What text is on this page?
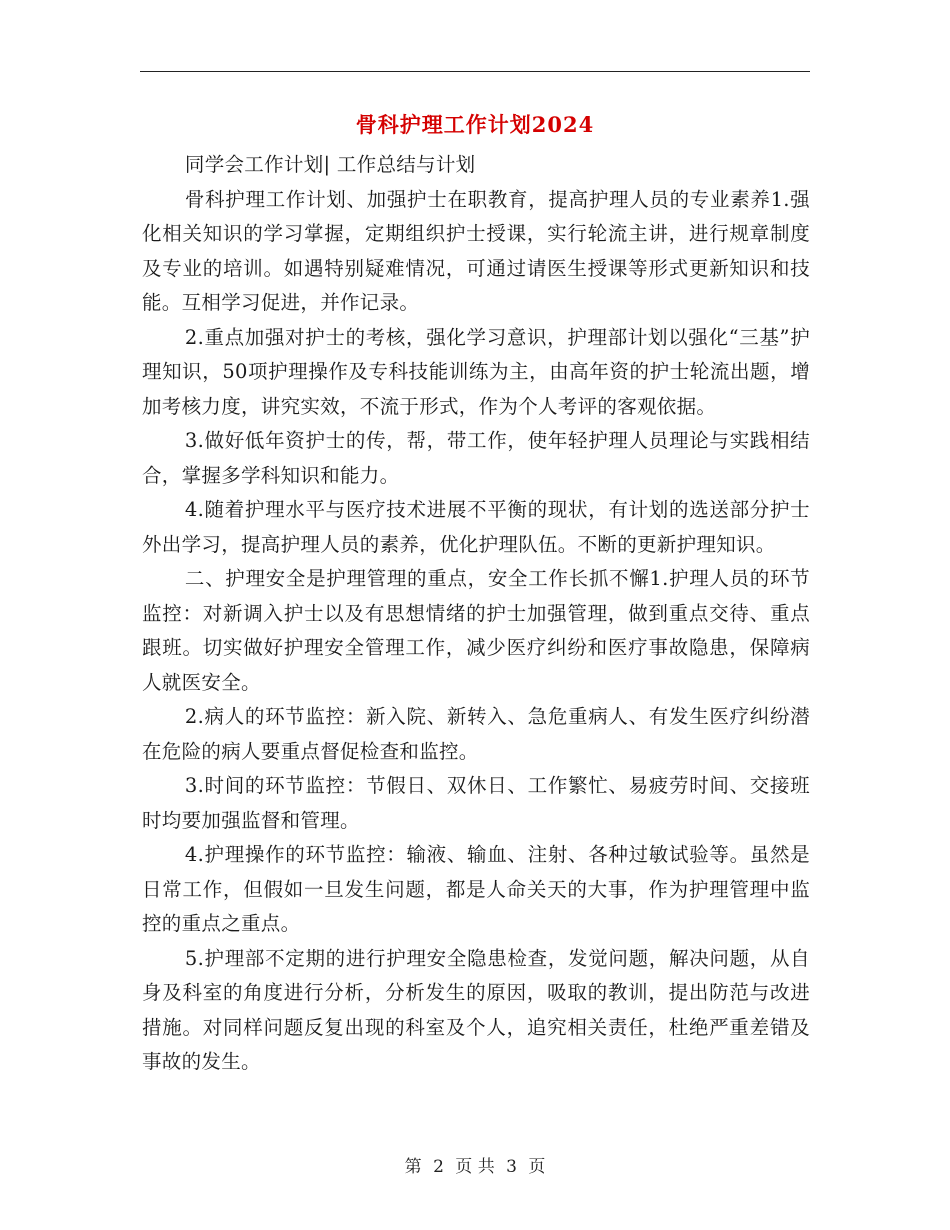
骨科护理工作计划2024

同学会工作计划| 工作总结与计划

骨科护理工作计划、加强护士在职教育，提高护理人员的专业素养1.强化相关知识的学习掌握，定期组织护士授课，实行轮流主讲，进行规章制度及专业的培训。如遇特别疑难情况，可通过请医生授课等形式更新知识和技能。互相学习促进，并作记录。

2.重点加强对护士的考核，强化学习意识，护理部计划以强化“三基”护理知识，50项护理操作及专科技能训练为主，由高年资的护士轮流出题，增加考核力度，讲究实效，不流于形式，作为个人考评的客观依据。

3.做好低年资护士的传，帮，带工作，使年轻护理人员理论与实践相结合，掌握多学科知识和能力。

4.随着护理水平与医疗技术进展不平衡的现状，有计划的选送部分护士外出学习，提高护理人员的素养，优化护理队伍。不断的更新护理知识。

二、护理安全是护理管理的重点，安全工作长抓不懈1.护理人员的环节监控：对新调入护士以及有思想情绪的护士加强管理，做到重点交待、重点跟班。切实做好护理安全管理工作，减少医疗纠纷和医疗事故隐患，保障病人就医安全。

2.病人的环节监控：新入院、新转入、急危重病人、有发生医疗纠纷潜在危险的病人要重点督促检查和监控。

3.时间的环节监控：节假日、双休日、工作繁忙、易疲劳时间、交接班时均要加强监督和管理。

4.护理操作的环节监控：输液、输血、注射、各种过敏试验等。虽然是日常工作，但假如一旦发生问题，都是人命关天的大事，作为护理管理中监控的重点之重点。

5.护理部不定期的进行护理安全隐患检查，发觉问题，解决问题，从自身及科室的角度进行分析，分析发生的原因，吸取的教训，提出防范与改进措施。对同样问题反复出现的科室及个人，追究相关责任，杜绝严重差错及事故的发生。

第 2 页 共 3 页
